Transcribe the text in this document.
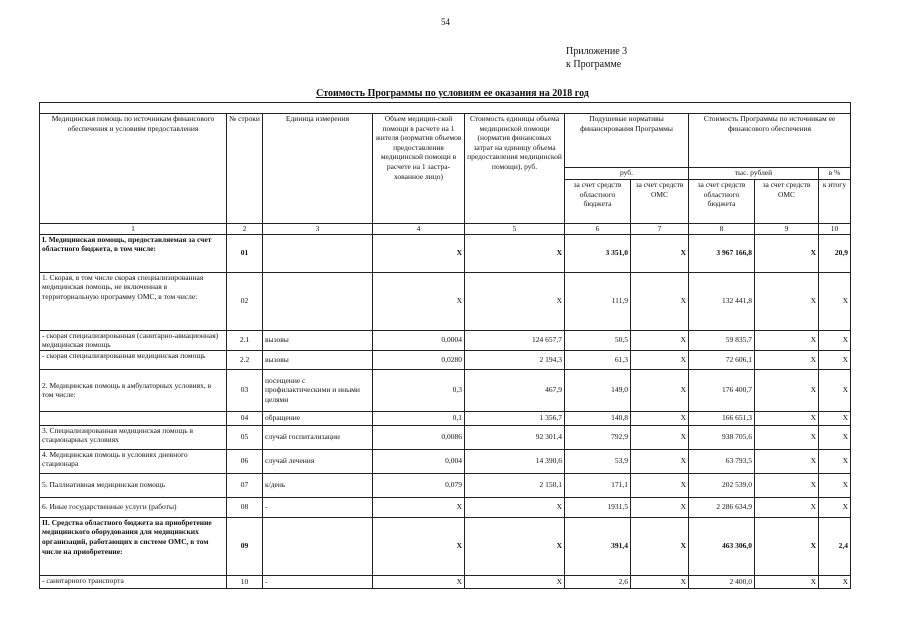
54
Приложение 3
к Программе
Стоимость Программы по условиям ее оказания на 2018 год

Медицинская помощь по источникам финансового обеспечения и условиям предоставления	№ строки	Единица измерения	Объем медицин-ской помощи в расчете на 1 жителя (норматив объемов предоставления медицинской помощи в расчете на 1 застра-хованное лицо)	Стоимость единицы объема медицинской помощи (норматив финансовых затрат на единицу объема предоставления медицинской помощи), руб.	Подушевые нормативы финансирования Программы		Стоимость Программы по источникам ее финансового обеспечения		
					руб.		тыс. рублей		в %
					за счет средств областного бюджета	за счет средств ОМС	за счет средств областного бюджета	за счет средств ОМС	к итогу
1	2	3	4	5	6	7	8	9	10
I. Медицинская помощь, предоставляемая за счет областного бюджета, в том числе:	01		X	X	3 351,0	X	3 967 166,8	X	20,9
1. Скорая, в том числе скорая специализированная медицинская помощь, не включенная в территориальную программу ОМС, в том числе:	02		X	X	111,9	X	132 441,8	X	X
- скорая специализированная (санитарно-авиационная) медицинская помощь	2.1	вызовы	0,0004	124 657,7	50,5	X	59 835,7	X	X
- скорая специализированная медицинская помощь	2.2	вызовы	0,0280	2 194,3	61,3	X	72 606,1	X	X
2. Медицинская помощь в амбулаторных условиях, в том числе:	03	посещение с профилактическими и иными целями	0,3	467,9	149,0	X	176 400,7	X	X
	04	обращение	0,1	1 356,7	140,8	X	166 651,3	X	X
3. Специализированная медицинская помощь в стационарных условиях	05	случай госпитализации	0,0086	92 301,4	792,9	X	938 705,6	X	X
4. Медицинская помощь в условиях дневного стационара	06	случай лечения	0,004	14 390,6	53,9	X	63 793,5	X	X
5. Паллиативная медицинская помощь	07	к/день	0,079	2 150,1	171,1	X	202 539,0	X	X
6. Иные государственные услуги (работы)	08	-	X	X	1931,5	X	2 286 634,9	X	X
II. Средства областного бюджета на приобретение медицинского оборудования для медицинских организаций, работающих в системе ОМС, в том числе на приобретение:	09		X	X	391,4	X	463 306,0	X	2,4
- санитарного транспорта	10	-	X	X	2,6	X	2 400,0	X	X
